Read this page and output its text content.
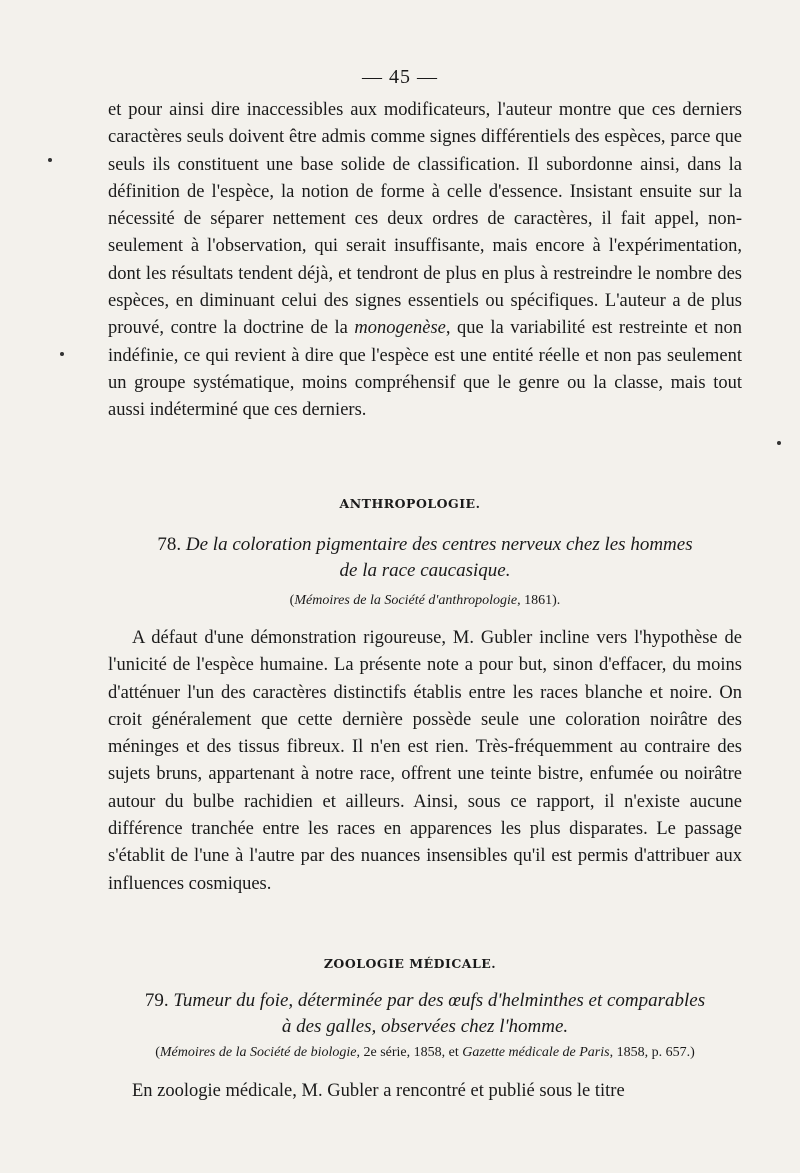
— 45 —
et pour ainsi dire inaccessibles aux modificateurs, l'auteur montre que ces derniers caractères seuls doivent être admis comme signes différentiels des espèces, parce que seuls ils constituent une base solide de classification. Il subordonne ainsi, dans la définition de l'espèce, la notion de forme à celle d'essence. Insistant ensuite sur la nécessité de séparer nettement ces deux ordres de caractères, il fait appel, non-seulement à l'observation, qui serait insuffisante, mais encore à l'expérimentation, dont les résultats tendent déjà, et tendront de plus en plus à restreindre le nombre des espèces, en diminuant celui des signes essentiels ou spécifiques. L'auteur a de plus prouvé, contre la doctrine de la monogenèse, que la variabilité est restreinte et non indéfinie, ce qui revient à dire que l'espèce est une entité réelle et non pas seulement un groupe systématique, moins compréhensif que le genre ou la classe, mais tout aussi indéterminé que ces derniers.
ANTHROPOLOGIE.
78. De la coloration pigmentaire des centres nerveux chez les hommes
de la race caucasique.
(Mémoires de la Société d'anthropologie, 1861).
A défaut d'une démonstration rigoureuse, M. Gubler incline vers l'hypothèse de l'unicité de l'espèce humaine. La présente note a pour but, sinon d'effacer, du moins d'atténuer l'un des caractères distinctifs établis entre les races blanche et noire. On croit généralement que cette dernière possède seule une coloration noirâtre des méninges et des tissus fibreux. Il n'en est rien. Très-fréquemment au contraire des sujets bruns, appartenant à notre race, offrent une teinte bistre, enfumée ou noirâtre autour du bulbe rachidien et ailleurs. Ainsi, sous ce rapport, il n'existe aucune différence tranchée entre les races en apparences les plus disparates. Le passage s'établit de l'une à l'autre par des nuances insensibles qu'il est permis d'attribuer aux influences cosmiques.
ZOOLOGIE MÉDICALE.
79. Tumeur du foie, déterminée par des œufs d'helminthes et comparables
à des galles, observées chez l'homme.
(Mémoires de la Société de biologie, 2e série, 1858, et Gazette médicale de Paris, 1858, p. 657.)
En zoologie médicale, M. Gubler a rencontré et publié sous le titre
